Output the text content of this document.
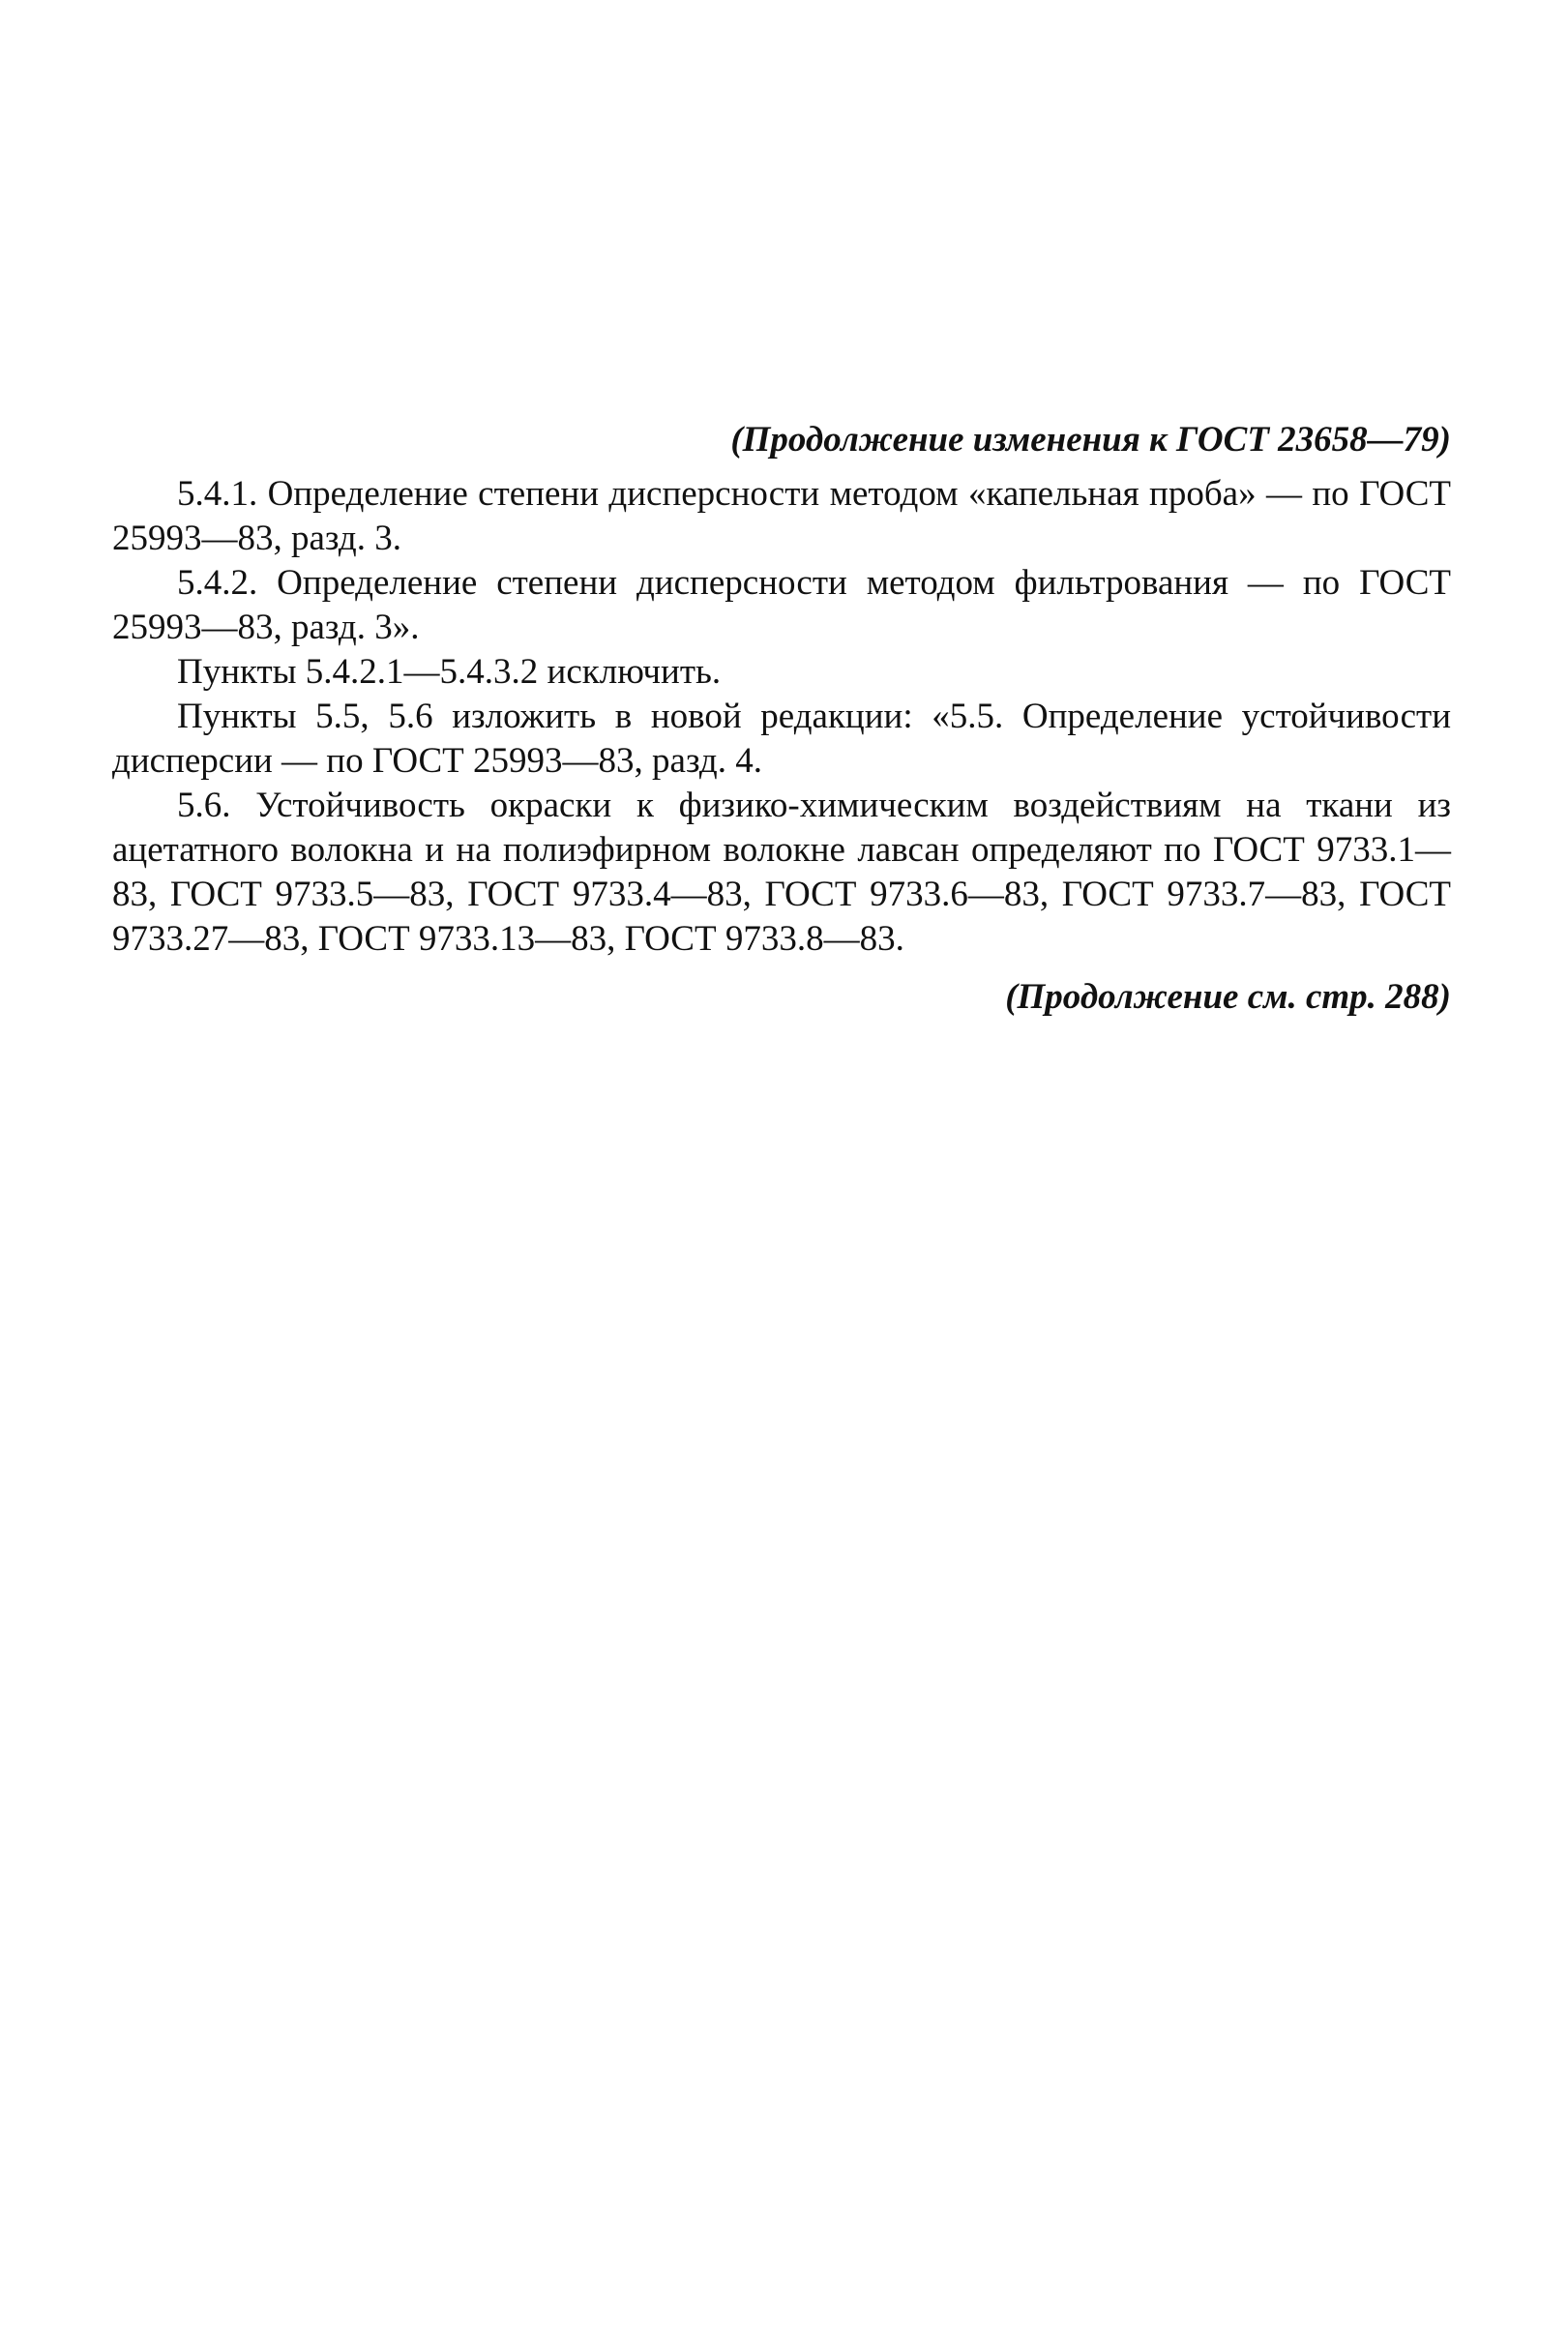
(Продолжение изменения к ГОСТ 23658—79)

5.4.1. Определение степени дисперсности методом «капельная проба» — по ГОСТ 25993—83, разд. 3.

5.4.2. Определение степени дисперсности методом фильтрования — по ГОСТ 25993—83, разд. 3».

Пункты 5.4.2.1—5.4.3.2 исключить.

Пункты 5.5, 5.6 изложить в новой редакции: «5.5. Определение устойчивости дисперсии — по ГОСТ 25993—83, разд. 4.

5.6. Устойчивость окраски к физико-химическим воздействиям на ткани из ацетатного волокна и на полиэфирном волокне лавсан определяют по ГОСТ 9733.1—83, ГОСТ 9733.5—83, ГОСТ 9733.4—83, ГОСТ 9733.6—83, ГОСТ 9733.7—83, ГОСТ 9733.27—83, ГОСТ 9733.13—83, ГОСТ 9733.8—83.

(Продолжение см. стр. 288)
